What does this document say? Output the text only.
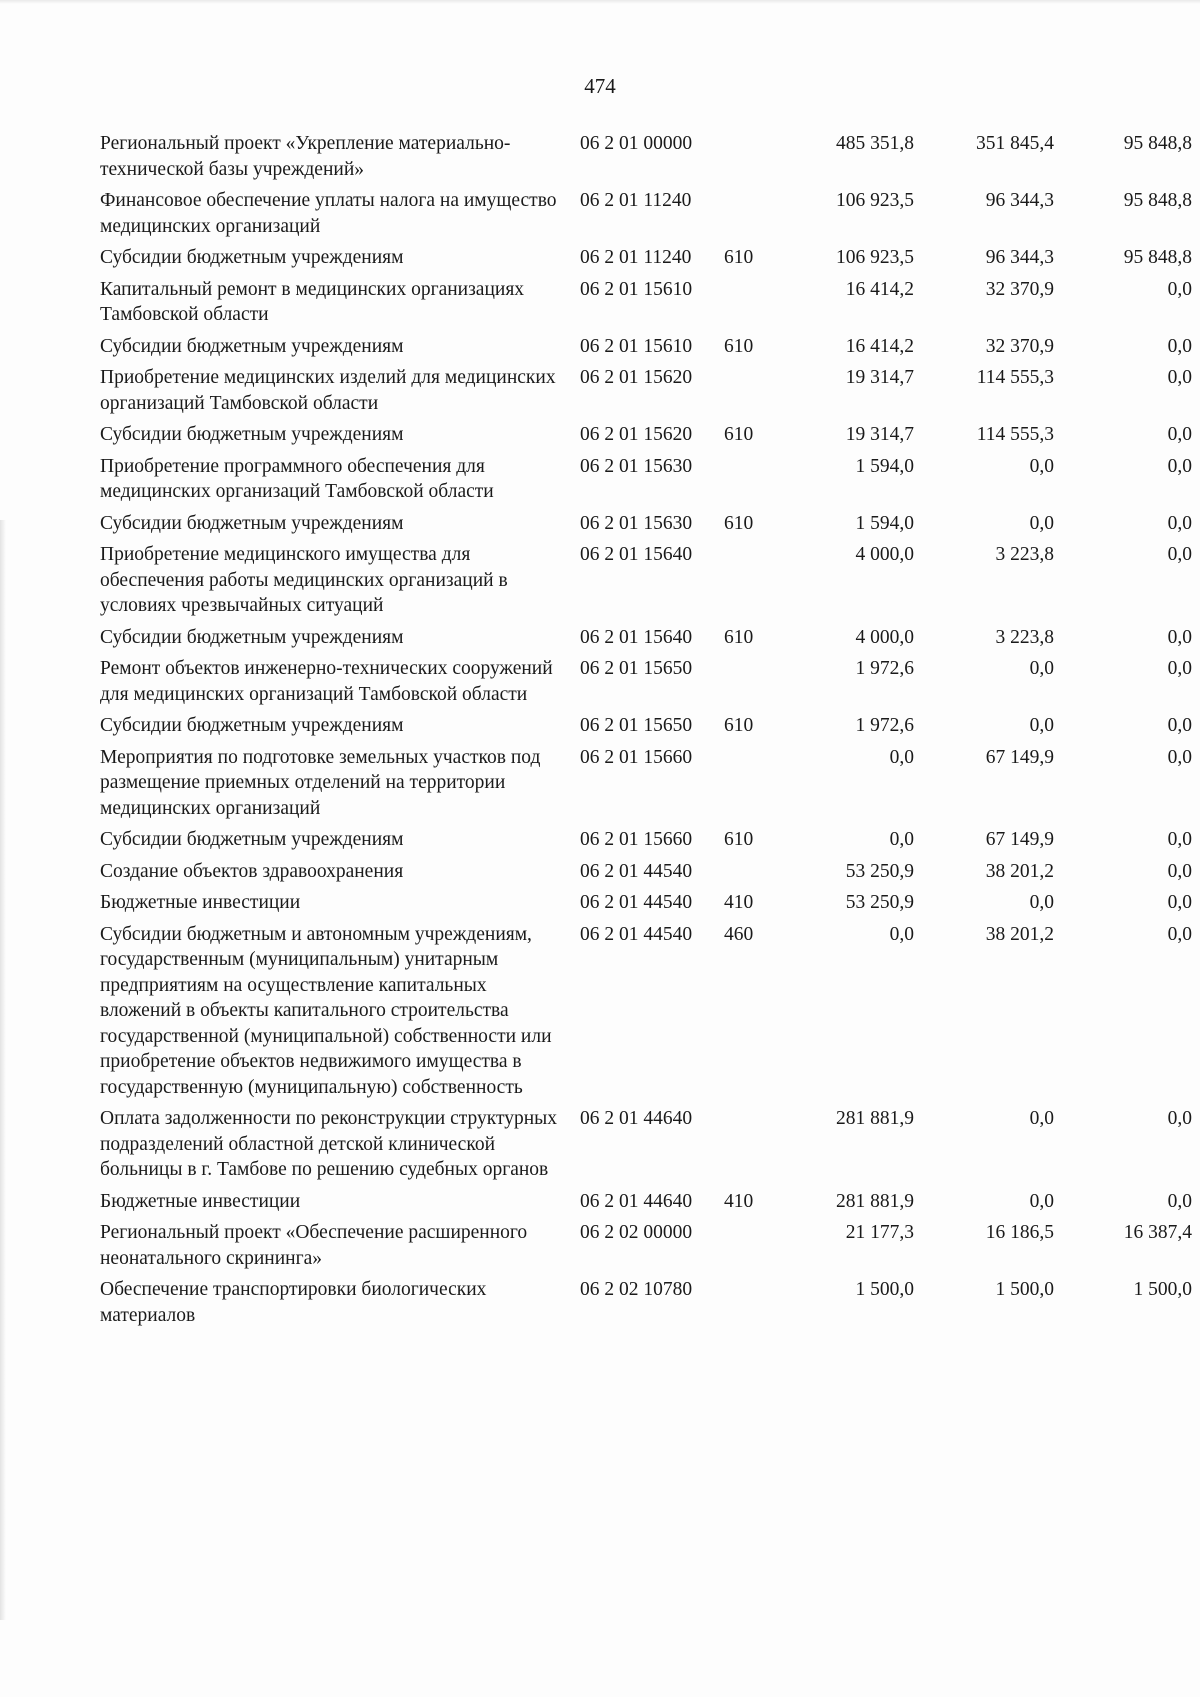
474
Региональный проект «Укрепление материально-технической базы учреждений»	06 2 01 00000		485 351,8	351 845,4	95 848,8
Финансовое обеспечение уплаты налога на имущество медицинских организаций	06 2 01 11240		106 923,5	96 344,3	95 848,8
Субсидии бюджетным учреждениям	06 2 01 11240	610	106 923,5	96 344,3	95 848,8
Капитальный ремонт в медицинских организациях Тамбовской области	06 2 01 15610		16 414,2	32 370,9	0,0
Субсидии бюджетным учреждениям	06 2 01 15610	610	16 414,2	32 370,9	0,0
Приобретение медицинских изделий для медицинских организаций Тамбовской области	06 2 01 15620		19 314,7	114 555,3	0,0
Субсидии бюджетным учреждениям	06 2 01 15620	610	19 314,7	114 555,3	0,0
Приобретение программного обеспечения для медицинских организаций Тамбовской области	06 2 01 15630		1 594,0	0,0	0,0
Субсидии бюджетным учреждениям	06 2 01 15630	610	1 594,0	0,0	0,0
Приобретение медицинского имущества для обеспечения работы медицинских организаций в условиях чрезвычайных ситуаций	06 2 01 15640		4 000,0	3 223,8	0,0
Субсидии бюджетным учреждениям	06 2 01 15640	610	4 000,0	3 223,8	0,0
Ремонт объектов инженерно-технических сооружений для медицинских организаций Тамбовской области	06 2 01 15650		1 972,6	0,0	0,0
Субсидии бюджетным учреждениям	06 2 01 15650	610	1 972,6	0,0	0,0
Мероприятия по подготовке земельных участков под размещение приемных отделений на территории медицинских организаций	06 2 01 15660		0,0	67 149,9	0,0
Субсидии бюджетным учреждениям	06 2 01 15660	610	0,0	67 149,9	0,0
Создание объектов здравоохранения	06 2 01 44540		53 250,9	38 201,2	0,0
Бюджетные инвестиции	06 2 01 44540	410	53 250,9	0,0	0,0
Субсидии бюджетным и автономным учреждениям, государственным (муниципальным) унитарным предприятиям на осуществление капитальных вложений в объекты капитального строительства государственной (муниципальной) собственности или приобретение объектов недвижимого имущества в государственную (муниципальную) собственность	06 2 01 44540	460	0,0	38 201,2	0,0
Оплата задолженности по реконструкции структурных подразделений областной детской клинической больницы в г. Тамбове по решению судебных органов	06 2 01 44640		281 881,9	0,0	0,0
Бюджетные инвестиции	06 2 01 44640	410	281 881,9	0,0	0,0
Региональный проект «Обеспечение расширенного неонатального скрининга»	06 2 02 00000		21 177,3	16 186,5	16 387,4
Обеспечение транспортировки биологических материалов	06 2 02 10780		1 500,0	1 500,0	1 500,0
